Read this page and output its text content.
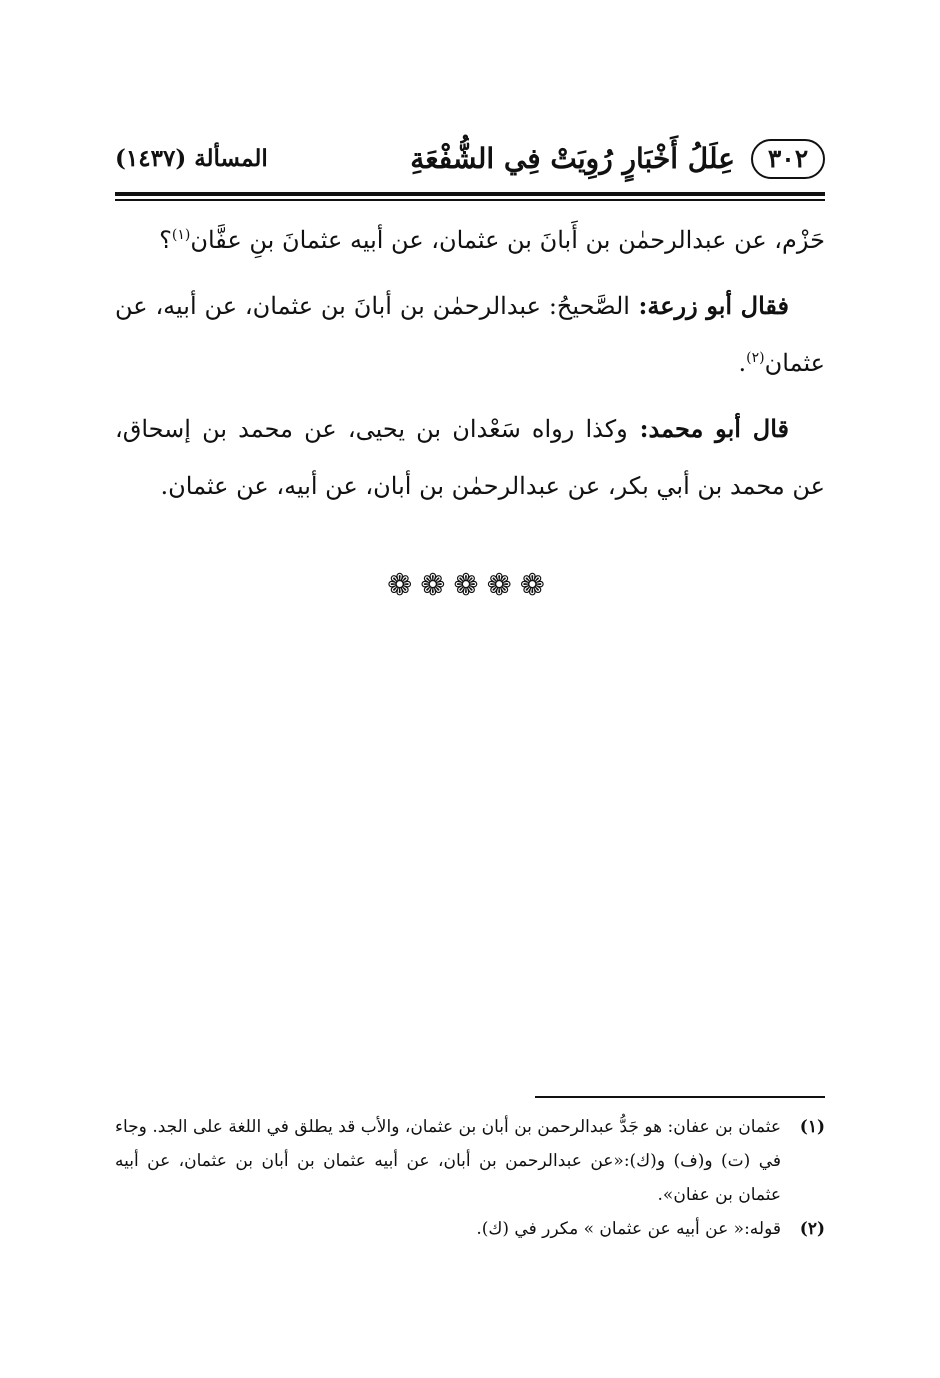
٣٠٢
عِلَلُ أَخْبَارٍ رُوِيَتْ فِي الشُّفْعَةِ
المسألة (١٤٣٧)

حَزْم، عن عبدالرحمٰن بن أَبانَ بن عثمان، عن أبيه عثمانَ بنِ عفَّان$^{(١)}$؟

فقال أبو زرعة: الصَّحيحُ: عبدالرحمٰن بن أبانَ بن عثمان، عن أبيه، عن عثمان$^{(٢)}$.

قال أبو محمد: وكذا رواه سَعْدان بن يحيى، عن محمد بن إسحاق، عن محمد بن أبي بكر، عن عبدالرحمٰن بن أبان، عن أبيه، عن عثمان.

❁❁❁❁❁
(١)
عثمان بن عفان: هو جَدُّ عبدالرحمن بن أبان بن عثمان، والأب قد يطلق في اللغة على الجد. وجاء في (ت) و(ف) و(ك):«عن عبدالرحمن بن أبان، عن أبيه عثمان بن أبان بن عثمان، عن أبيه عثمان بن عفان».
(٢)
قوله:« عن أبيه عن عثمان » مكرر في (ك).
